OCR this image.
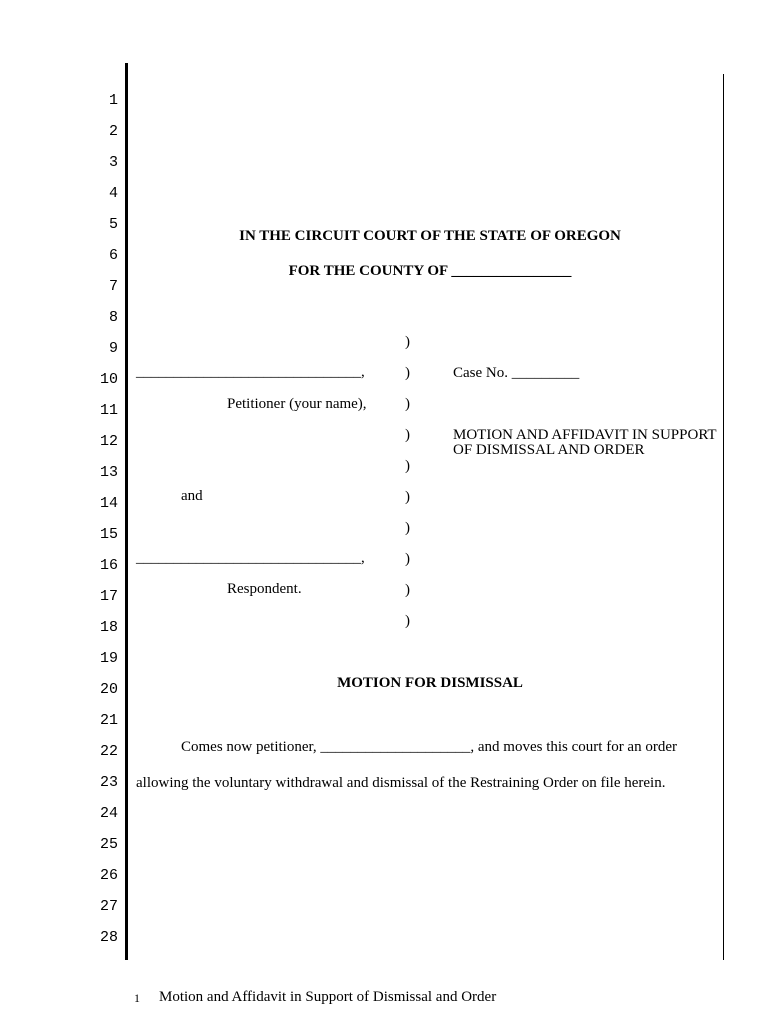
1
2
3
4
5
6
7
8
9
10
11
12
13
14
15
16
17
18
19
20
21
22
23
24
25
26
27
28
IN THE CIRCUIT COURT OF THE STATE OF OREGON
FOR THE COUNTY OF ________________
______________________________,
Petitioner (your name),
and
______________________________,
Respondent.
)
)
)
)
)
)
)
)
)
)
Case No. _________
MOTION AND AFFIDAVIT IN SUPPORT
OF DISMISSAL AND ORDER
MOTION FOR DISMISSAL
Comes now petitioner, ____________________, and moves this court for an order
allowing the voluntary withdrawal and dismissal of the Restraining Order on file herein.
1 Motion and Affidavit in Support of Dismissal and Order
